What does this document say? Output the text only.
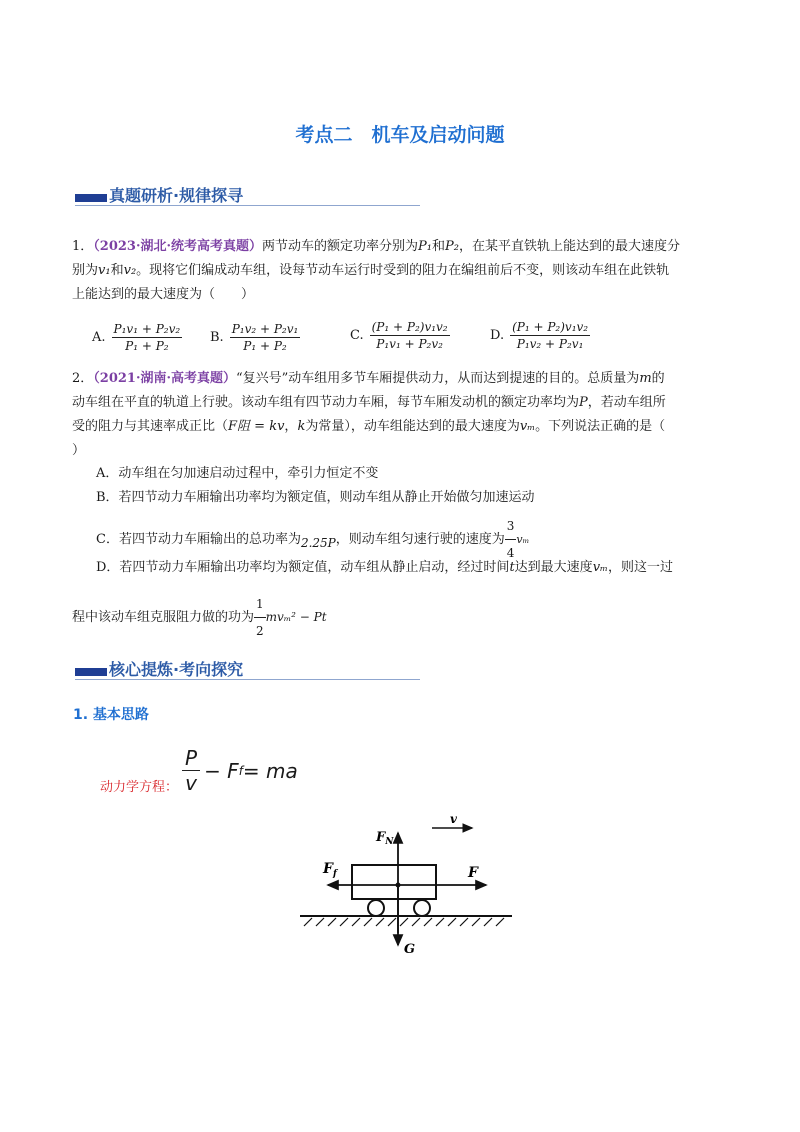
考点二　机车及启动问题
真题研析·规律探寻
1．（2023·湖北·统考高考真题）两节动车的额定功率分别为P₁和P₂，在某平直铁轨上能达到的最大速度分
别为v₁和v₂。现将它们编成动车组，设每节动车运行时受到的阻力在编组前后不变，则该动车组在此铁轨
上能达到的最大速度为（　　）
A. $\frac{\text{P₁v₁ + P₂v₂}}{\text{P₁ + P₂}} B$. $\frac{\text{P₁v₂ + P₂v₁}}{\text{P₁ + P₂}}$	C. $\frac{\text{(P₁ + P₂)v₁v₂}}{\text{P₁v₁ + P₂v₂}}$	D. $\frac{\text{(P₁ + P₂)v₁v₂}}{\text{P₁v₂ + P₂v₁}}$
2．（2021·湖南·高考真题）“复兴号”动车组用多节车厢提供动力，从而达到提速的目的。总质量为m的
动车组在平直的轨道上行驶。该动车组有四节动力车厢，每节车厢发动机的额定功率均为P，若动车组所
受的阻力与其速率成正比（F阻 = kv，k为常量），动车组能达到的最大速度为vₘ。下列说法正确的是（
）
A．动车组在匀加速启动过程中，牵引力恒定不变
B．若四节动力车厢输出功率均为额定值，则动车组从静止开始做匀加速运动
C．若四节动力车厢输出的总功率为2.25P，则动车组匀速行驶的速度为 $\frac{3}{4}$ vₘ
D．若四节动力车厢输出功率均为额定值，动车组从静止启动，经过时间t达到最大速度vₘ，则这一过
程中该动车组克服阻力做的功为 $\frac{1}{2} mv_m^2 - Pt$
核心提炼·考向探究
1. 基本思路
动力学方程：
P
v
− F f = ma
$F_N$
$F_f$	F
G
v
